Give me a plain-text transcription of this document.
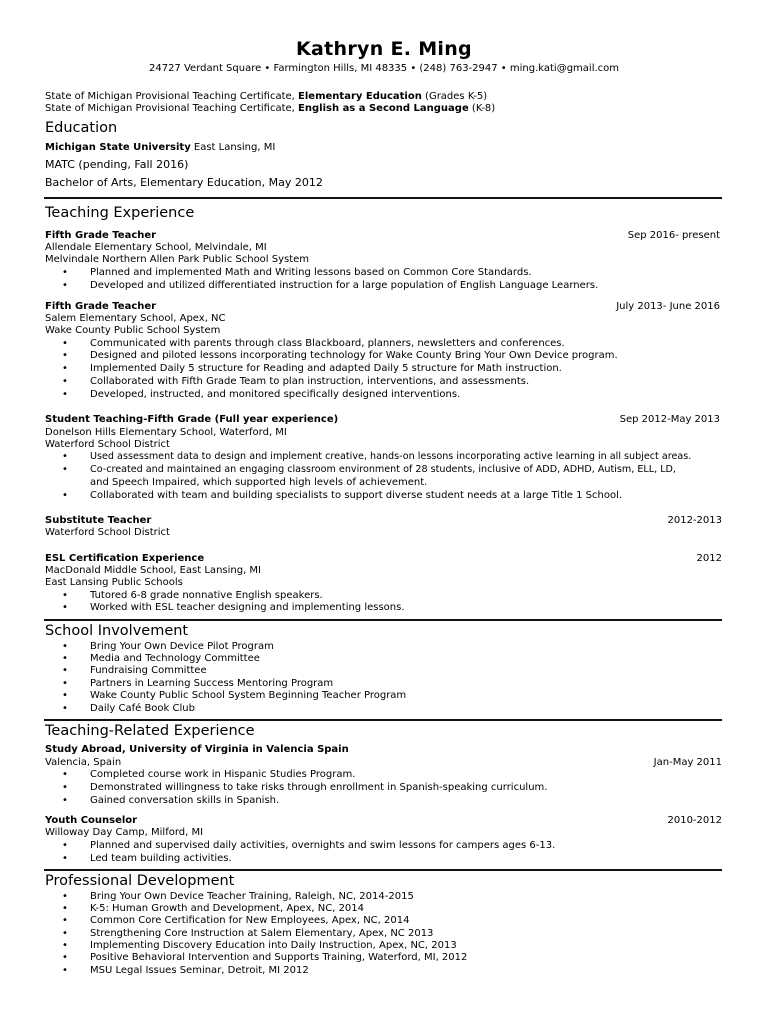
Kathryn E. Ming
24727 Verdant Square • Farmington Hills, MI 48335 • (248) 763-2947 • ming.kati@gmail.com
State of Michigan Provisional Teaching Certificate, Elementary Education (Grades K-5)
State of Michigan Provisional Teaching Certificate, English as a Second Language (K-8)
Education
Michigan State University East Lansing, MI
MATC (pending, Fall 2016)
Bachelor of Arts, Elementary Education, May 2012
Teaching Experience
Fifth Grade Teacher	Sep 2016- present
Allendale Elementary School, Melvindale, MI
Melvindale Northern Allen Park Public School System
• Planned and implemented Math and Writing lessons based on Common Core Standards.
• Developed and utilized differentiated instruction for a large population of English Language Learners.
Fifth Grade Teacher	July 2013- June 2016
Salem Elementary School, Apex, NC
Wake County Public School System
• Communicated with parents through class Blackboard, planners, newsletters and conferences.
• Designed and piloted lessons incorporating technology for Wake County Bring Your Own Device program.
• Implemented Daily 5 structure for Reading and adapted Daily 5 structure for Math instruction.
• Collaborated with Fifth Grade Team to plan instruction, interventions, and assessments.
• Developed, instructed, and monitored specifically designed interventions.
Student Teaching-Fifth Grade (Full year experience)	Sep 2012-May 2013
Donelson Hills Elementary School, Waterford, MI
Waterford School District
• Used assessment data to design and implement creative, hands-on lessons incorporating active learning in all subject areas.
• Co-created and maintained an engaging classroom environment of 28 students, inclusive of ADD, ADHD, Autism, ELL, LD,
and Speech Impaired, which supported high levels of achievement.
• Collaborated with team and building specialists to support diverse student needs at a large Title 1 School.
Substitute Teacher	2012-2013
Waterford School District
ESL Certification Experience	2012
MacDonald Middle School, East Lansing, MI
East Lansing Public Schools
• Tutored 6-8 grade nonnative English speakers.
• Worked with ESL teacher designing and implementing lessons.
School Involvement
• Bring Your Own Device Pilot Program
• Media and Technology Committee
• Fundraising Committee
• Partners in Learning Success Mentoring Program
• Wake County Public School System Beginning Teacher Program
• Daily Café Book Club
Teaching-Related Experience
Study Abroad, University of Virginia in Valencia Spain
Valencia, Spain	Jan-May 2011
• Completed course work in Hispanic Studies Program.
• Demonstrated willingness to take risks through enrollment in Spanish-speaking curriculum.
• Gained conversation skills in Spanish.
Youth Counselor	2010-2012
Willoway Day Camp, Milford, MI
• Planned and supervised daily activities, overnights and swim lessons for campers ages 6-13.
• Led team building activities.
Professional Development
• Bring Your Own Device Teacher Training, Raleigh, NC, 2014-2015
• K-5: Human Growth and Development, Apex, NC, 2014
• Common Core Certification for New Employees, Apex, NC, 2014
• Strengthening Core Instruction at Salem Elementary, Apex, NC 2013
• Implementing Discovery Education into Daily Instruction, Apex, NC, 2013
• Positive Behavioral Intervention and Supports Training, Waterford, MI, 2012
• MSU Legal Issues Seminar, Detroit, MI 2012
